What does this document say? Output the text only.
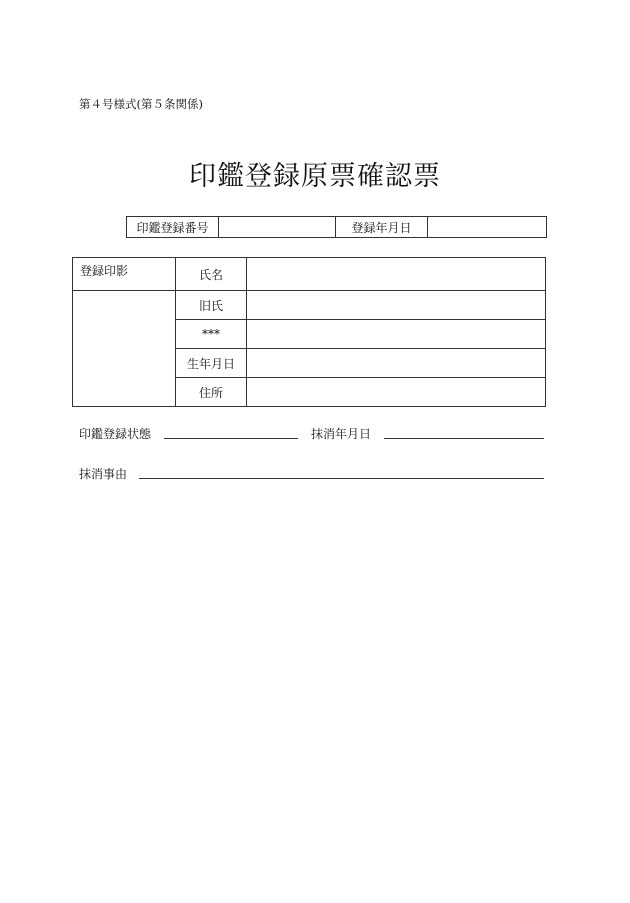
第４号様式(第５条関係)
印鑑登録原票確認票
印鑑登録番号		登録年月日	
登録印影	氏名	
	旧氏	
	***	
	生年月日	
	住所	
印鑑登録状態	抹消年月日
抹消事由
